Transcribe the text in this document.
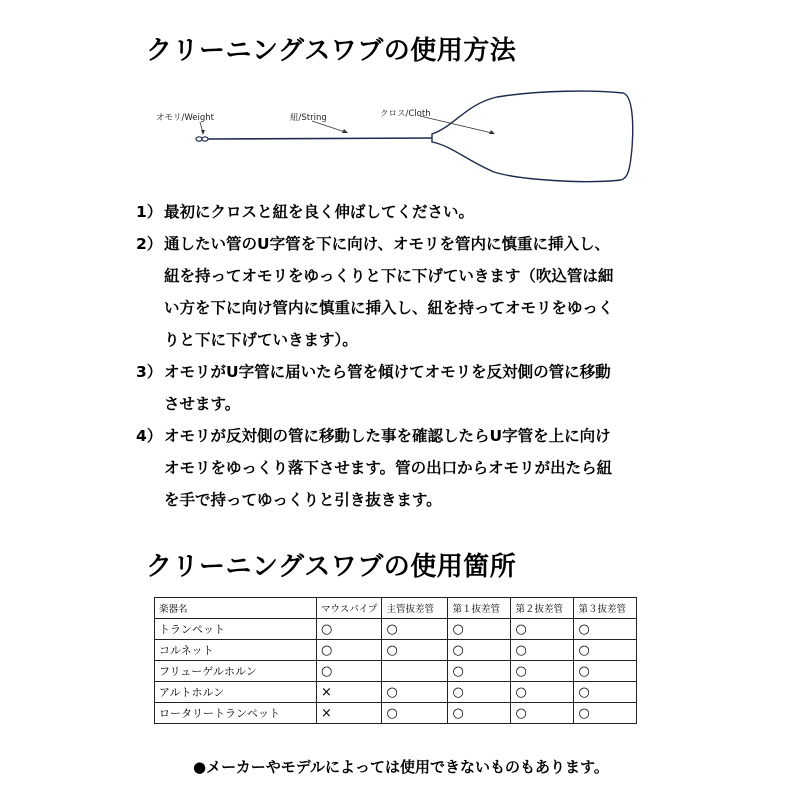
クリーニングスワブの使用方法
オモリ/Weight	紐/String	クロス/Cloth
1） 最初にクロスと紐を良く伸ばしてください。
2） 通したい管のU字管を下に向け、オモリを管内に慎重に挿入し、
紐を持ってオモリをゆっくりと下に下げていきます（吹込管は細
い方を下に向け管内に慎重に挿入し、紐を持ってオモリをゆっく
りと下に下げていきます）。
3） オモリがU字管に届いたら管を傾けてオモリを反対側の管に移動
させます。
4） オモリが反対側の管に移動した事を確認したらU字管を上に向け
オモリをゆっくり落下させます。管の出口からオモリが出たら紐
を手で持ってゆっくりと引き抜きます。
クリーニングスワブの使用箇所
楽器名	マウスパイプ	主管抜差管	第１抜差管	第２抜差管	第３抜差管
トランペット	○	○	○	○	○
コルネット	○	○	○	○	○
フリューゲルホルン	○		○	○	○
アルトホルン	×	○	○	○	○
ロータリートランペット	×	○	○	○	○

●メーカーやモデルによっては使用できないものもあります。
